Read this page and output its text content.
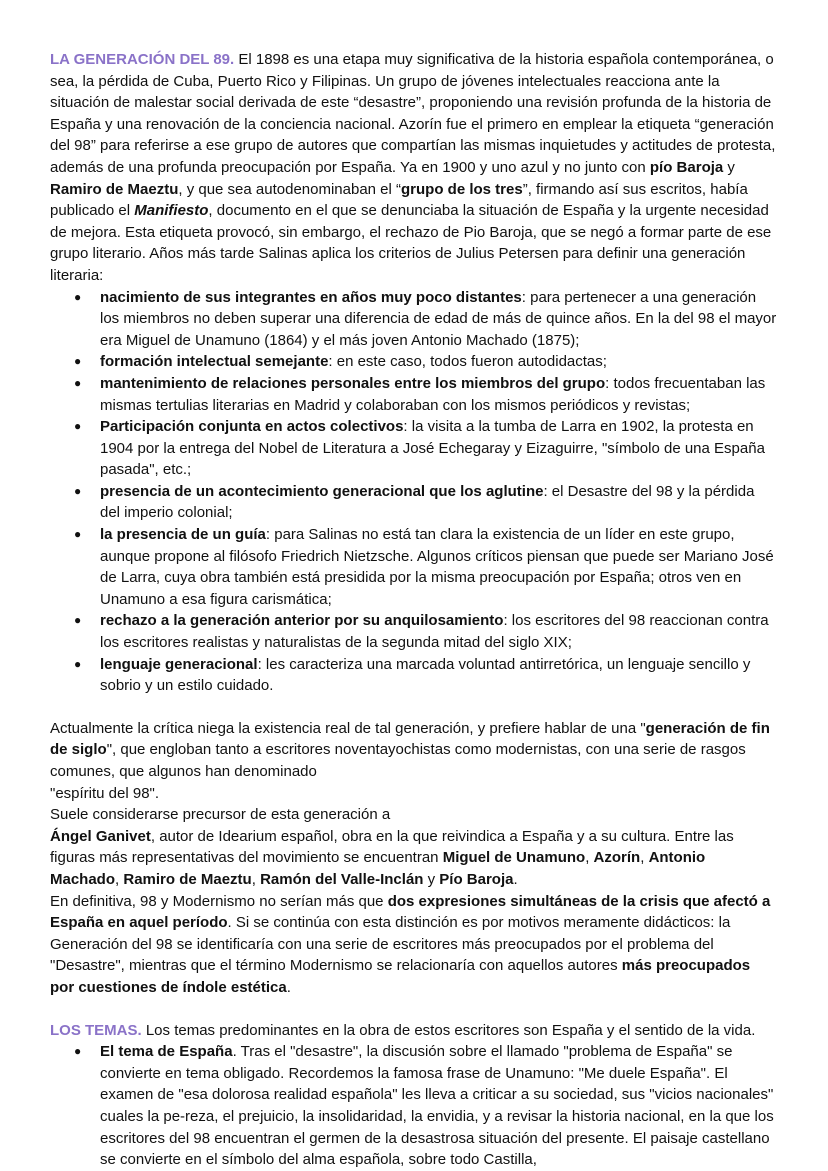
LA GENERACIÓN DEL 89. El 1898 es una etapa muy significativa de la historia española contemporánea, o sea, la pérdida de Cuba, Puerto Rico y Filipinas. Un grupo de jóvenes intelectuales reacciona ante la situación de malestar social derivada de este “desastre”, proponiendo una revisión profunda de la historia de España y una renovación de la conciencia nacional. Azorín fue el primero en emplear la etiqueta “generación del 98” para referirse a ese grupo de autores que compartían las mismas inquietudes y actitudes de protesta, además de una profunda preocupación por España. Ya en 1900 y uno azul y no junto con pío Baroja y Ramiro de Maeztu, y que sea autodenominaban el “grupo de los tres”, firmando así sus escritos, había publicado el Manifiesto, documento en el que se denunciaba la situación de España y la urgente necesidad de mejora. Esta etiqueta provocó, sin embargo, el rechazo de Pio Baroja, que se negó a formar parte de ese grupo literario. Años más tarde Salinas aplica los criterios de Julius Petersen para definir una generación literaria:

● nacimiento de sus integrantes en años muy poco distantes: para pertenecer a una generación los miembros no deben superar una diferencia de edad de más de quince años. En la del 98 el mayor era Miguel de Unamuno (1864) y el más joven Antonio Machado (1875);
● formación intelectual semejante: en este caso, todos fueron autodidactas;
● mantenimiento de relaciones personales entre los miembros del grupo: todos frecuentaban las mismas tertulias literarias en Madrid y colaboraban con los mismos periódicos y revistas;
● Participación conjunta en actos colectivos: la visita a la tumba de Larra en 1902, la protesta en 1904 por la entrega del Nobel de Literatura a José Echegaray y Eizaguirre, "símbolo de una España pasada", etc.;
● presencia de un acontecimiento generacional que los aglutine: el Desastre del 98 y la pérdida del imperio colonial;
● la presencia de un guía: para Salinas no está tan clara la existencia de un líder en este grupo, aunque propone al filósofo Friedrich Nietzsche. Algunos críticos piensan que puede ser Mariano José de Larra, cuya obra también está presidida por la misma preocupación por España; otros ven en Unamuno a esa figura carismática;
● rechazo a la generación anterior por su anquilosamiento: los escritores del 98 reaccionan contra los escritores realistas y naturalistas de la segunda mitad del siglo XIX;
● lenguaje generacional: les caracteriza una marcada voluntad antirretórica, un lenguaje sencillo y sobrio y un estilo cuidado.

Actualmente la crítica niega la existencia real de tal generación, y prefiere hablar de una "generación de fin de siglo", que engloban tanto a escritores noventayochistas como modernistas, con una serie de rasgos comunes, que algunos han denominado

"espíritu del 98".

Suele considerarse precursor de esta generación a

Ángel Ganivet, autor de Idearium español, obra en la que reivindica a España y a su cultura. Entre las figuras más representativas del movimiento se encuentran Miguel de Unamuno, Azorín, Antonio Machado, Ramiro de Maeztu, Ramón del Valle-Inclán y Pío Baroja.

En definitiva, 98 y Modernismo no serían más que dos expresiones simultáneas de la crisis que afectó a España en aquel período. Si se continúa con esta distinción es por motivos meramente didácticos: la Generación del 98 se identificaría con una serie de escritores más preocupados por el problema del "Desastre", mientras que el término Modernismo se relacionaría con aquellos autores más preocupados por cuestiones de índole estética.

LOS TEMAS. Los temas predominantes en la obra de estos escritores son España y el sentido de la vida.

● El tema de España. Tras el "desastre", la discusión sobre el llamado "problema de España" se convierte en tema obligado. Recordemos la famosa frase de Unamuno: "Me duele España". El examen de "esa dolorosa realidad española" les lleva a criticar a su sociedad, sus "vicios nacionales" cuales la pe-reza, el prejuicio, la insolidaridad, la envidia, y a revisar la historia nacional, en la que los escritores del 98 encuentran el germen de la desastrosa situación del presente. El paisaje castellano se convierte en el símbolo del alma española, sobre todo Castilla,
